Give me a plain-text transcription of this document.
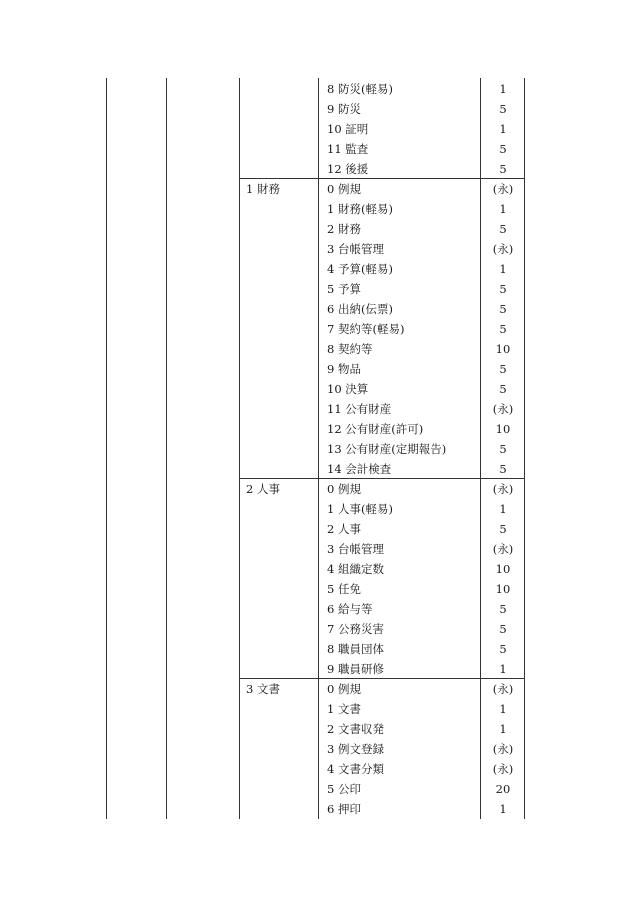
8 防災(軽易)	1
9 防災	5
10 証明	1
11 監査	5
12 後援	5
1 財務	0 例規	(永)
1 財務(軽易)	1
2 財務	5
3 台帳管理	(永)
4 予算(軽易)	1
5 予算	5
6 出納(伝票)	5
7 契約等(軽易)	5
8 契約等	10
9 物品	5
10 決算	5
11 公有財産	(永)
12 公有財産(許可)	10
13 公有財産(定期報告)	5
14 会計検査	5
2 人事	0 例規	(永)
1 人事(軽易)	1
2 人事	5
3 台帳管理	(永)
4 組織定数	10
5 任免	10
6 給与等	5
7 公務災害	5
8 職員団体	5
9 職員研修	1
3 文書	0 例規	(永)
1 文書	1
2 文書収発	1
3 例文登録	(永)
4 文書分類	(永)
5 公印	20
6 押印	1
